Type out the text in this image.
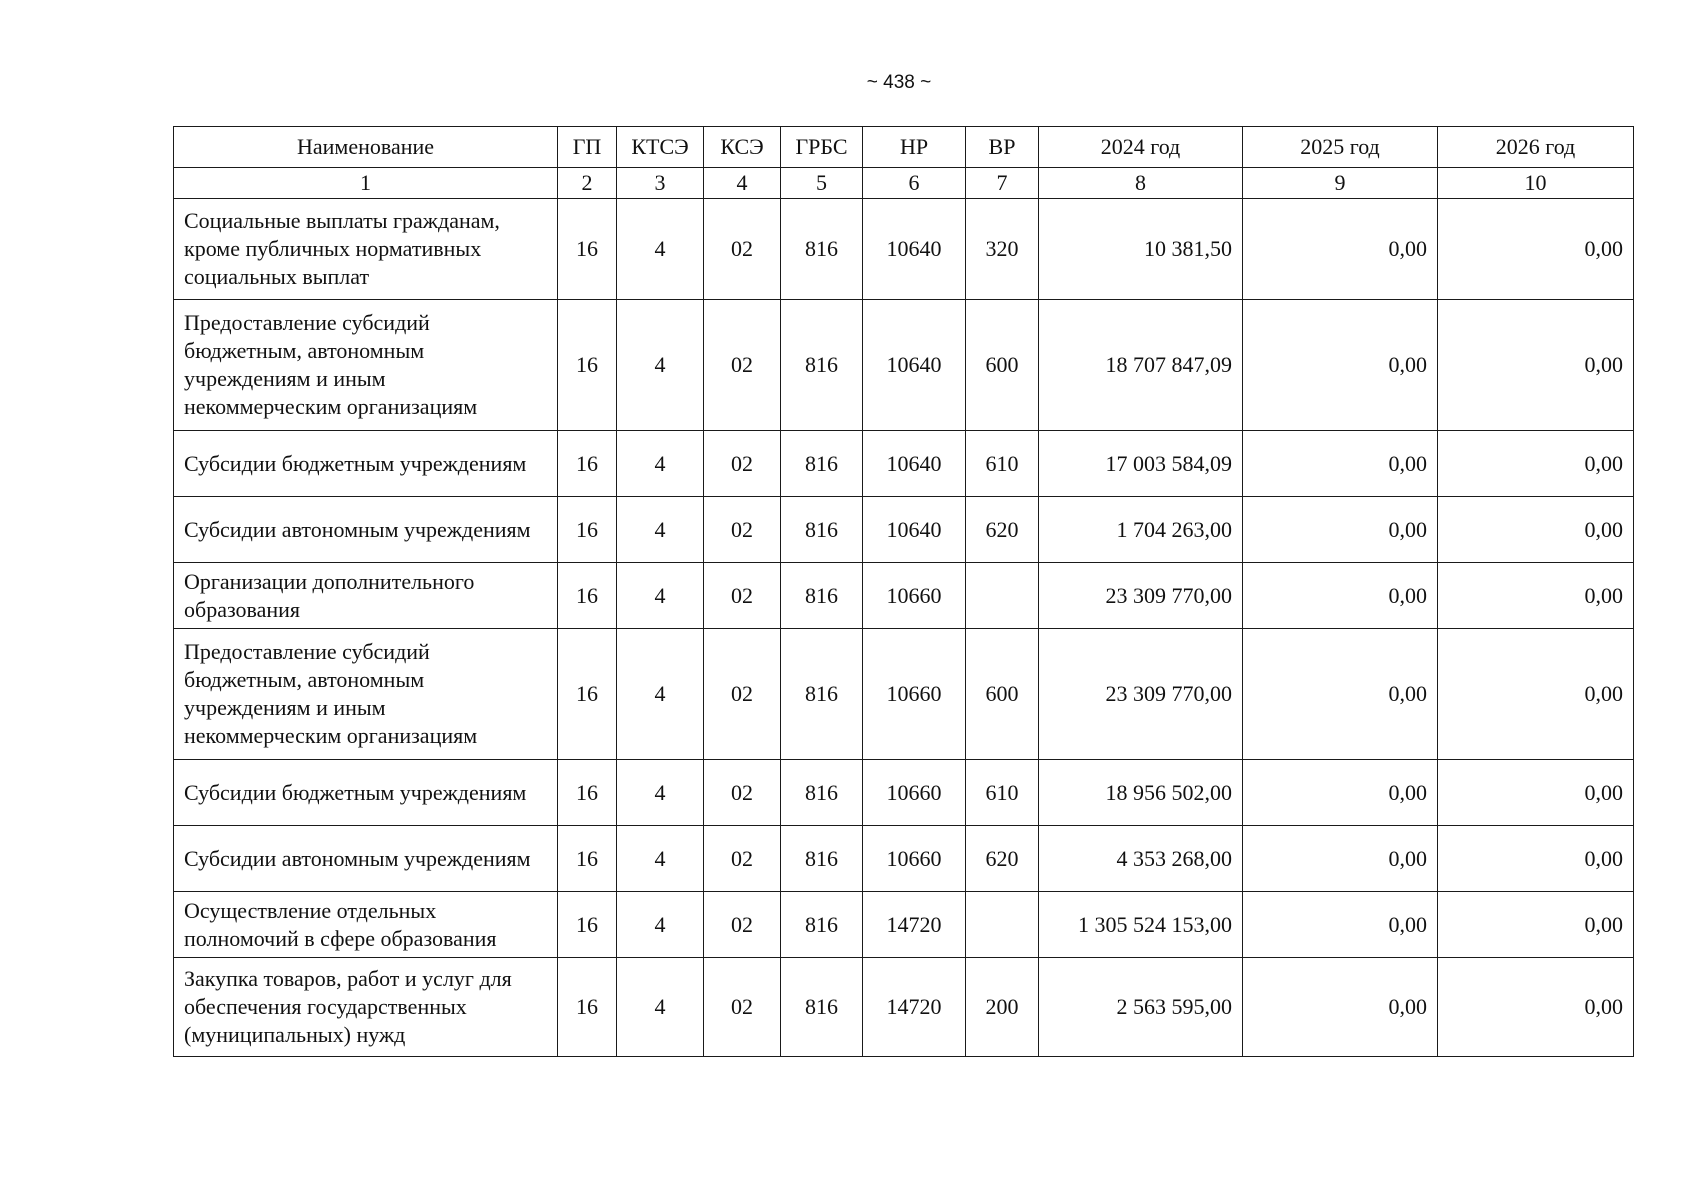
~ 438 ~
Наименование	ГП	КТСЭ	КСЭ	ГРБС	НР	ВР	2024 год	2025 год	2026 год
1	2	3	4	5	6	7	8	9	10
Социальные выплаты гражданам, кроме публичных нормативных социальных выплат	16	4	02	816	10640	320	10 381,50	0,00	0,00
Предоставление субсидий бюджетным, автономным учреждениям и иным некоммерческим организациям	16	4	02	816	10640	600	18 707 847,09	0,00	0,00
Субсидии бюджетным учреждениям	16	4	02	816	10640	610	17 003 584,09	0,00	0,00
Субсидии автономным учреждениям	16	4	02	816	10640	620	1 704 263,00	0,00	0,00
Организации дополнительного образования	16	4	02	816	10660		23 309 770,00	0,00	0,00
Предоставление субсидий бюджетным, автономным учреждениям и иным некоммерческим организациям	16	4	02	816	10660	600	23 309 770,00	0,00	0,00
Субсидии бюджетным учреждениям	16	4	02	816	10660	610	18 956 502,00	0,00	0,00
Субсидии автономным учреждениям	16	4	02	816	10660	620	4 353 268,00	0,00	0,00
Осуществление отдельных полномочий в сфере образования	16	4	02	816	14720		1 305 524 153,00	0,00	0,00
Закупка товаров, работ и услуг для обеспечения государственных (муниципальных) нужд	16	4	02	816	14720	200	2 563 595,00	0,00	0,00
